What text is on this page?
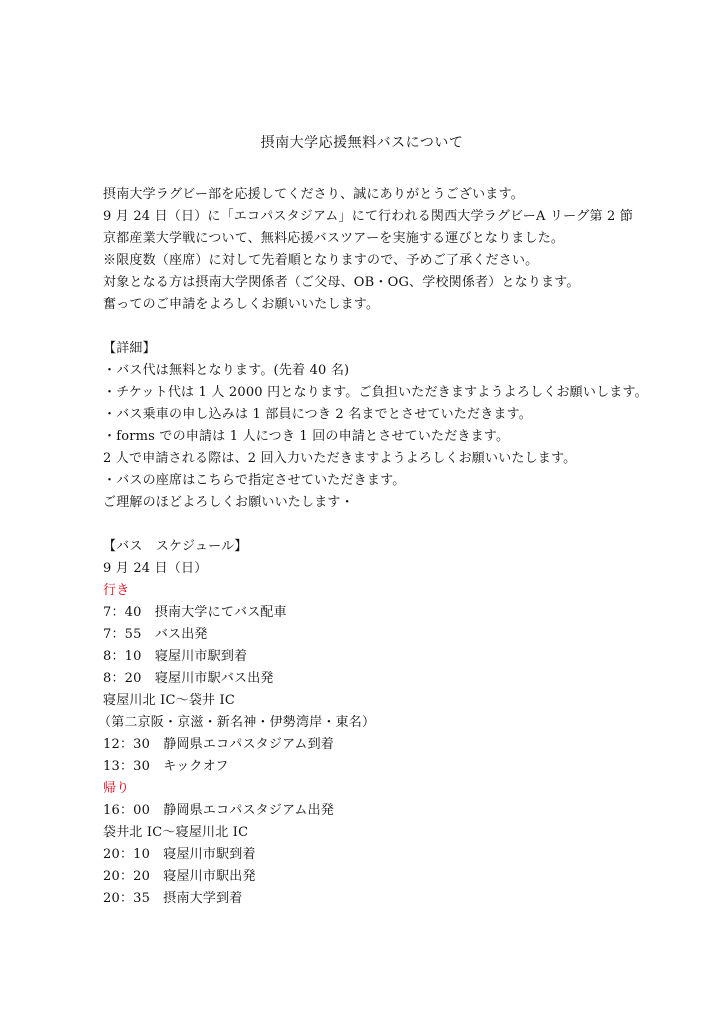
摂南大学応援無料バスについて
摂南大学ラグビー部を応援してくださり、誠にありがとうございます。
9 月 24 日（日）に「エコパスタジアム」にて行われる関西大学ラグビーA リーグ第 2 節
京都産業大学戦について、無料応援バスツアーを実施する運びとなりました。
※限度数（座席）に対して先着順となりますので、予めご了承ください。
対象となる方は摂南大学関係者（ご父母、OB・OG、学校関係者）となります。
奮ってのご申請をよろしくお願いいたします。
【詳細】
・バス代は無料となります。(先着 40 名)
・チケット代は 1 人 2000 円となります。ご負担いただきますようよろしくお願いします。
・バス乗車の申し込みは 1 部員につき 2 名までとさせていただきます。
・forms での申請は 1 人につき 1 回の申請とさせていただきます。
2 人で申請される際は、2 回入力いただきますようよろしくお願いいたします。
・バスの座席はこちらで指定させていただきます。
ご理解のほどよろしくお願いいたします・
【バス　スケジュール】
9 月 24 日（日）
行き
7：40　摂南大学にてバス配車
7：55　バス出発
8：10　寝屋川市駅到着
8：20　寝屋川市駅バス出発
寝屋川北 IC～袋井 IC
（第二京阪・京滋・新名神・伊勢湾岸・東名）
12：30　静岡県エコパスタジアム到着
13：30　キックオフ
帰り
16：00　静岡県エコパスタジアム出発
袋井北 IC～寝屋川北 IC
20：10　寝屋川市駅到着
20：20　寝屋川市駅出発
20：35　摂南大学到着
